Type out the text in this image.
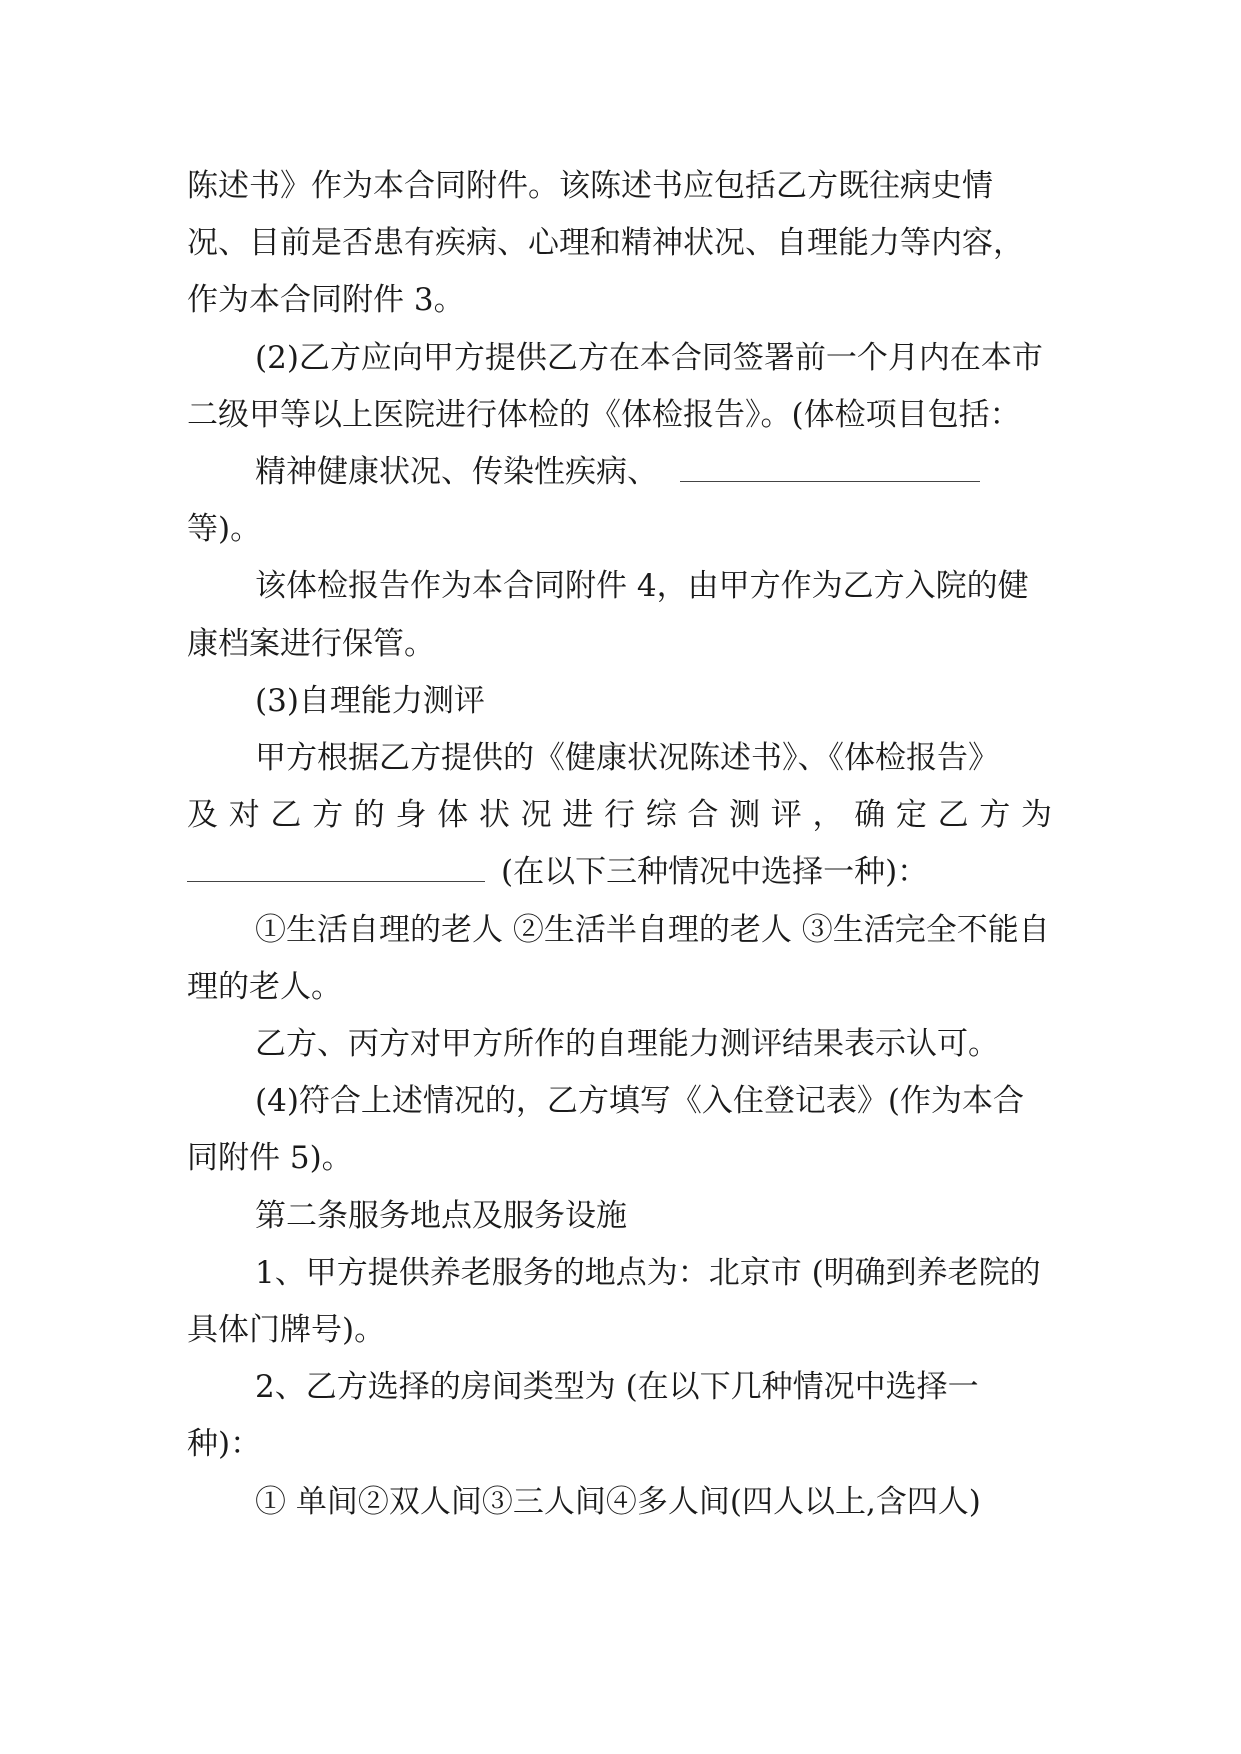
陈述书》作为本合同附件。该陈述书应包括乙方既往病史情况、目前是否患有疾病、心理和精神状况、自理能力等内容，作为本合同附件 3。

(2)乙方应向甲方提供乙方在本合同签署前一个月内在本市二级甲等以上医院进行体检的《体检报告》。(体检项目包括：

精神健康状况、传染性疾病、等)。

该体检报告作为本合同附件 4，由甲方作为乙方入院的健康档案进行保管。

(3)自理能力测评

甲方根据乙方提供的《健康状况陈述书》、《体检报告》

及对乙方的身体状况进行综合测评，确定乙方为

(在以下三种情况中选择一种)：

①生活自理的老人 ②生活半自理的老人 ③生活完全不能自理的老人。

乙方、丙方对甲方所作的自理能力测评结果表示认可。

(4)符合上述情况的，乙方填写《入住登记表》(作为本合同附件 5)。

第二条服务地点及服务设施

1、甲方提供养老服务的地点为：北京市 (明确到养老院的具体门牌号)。

2、乙方选择的房间类型为 (在以下几种情况中选择一种)：

① 单间②双人间③三人间④多人间(四人以上,含四人)
